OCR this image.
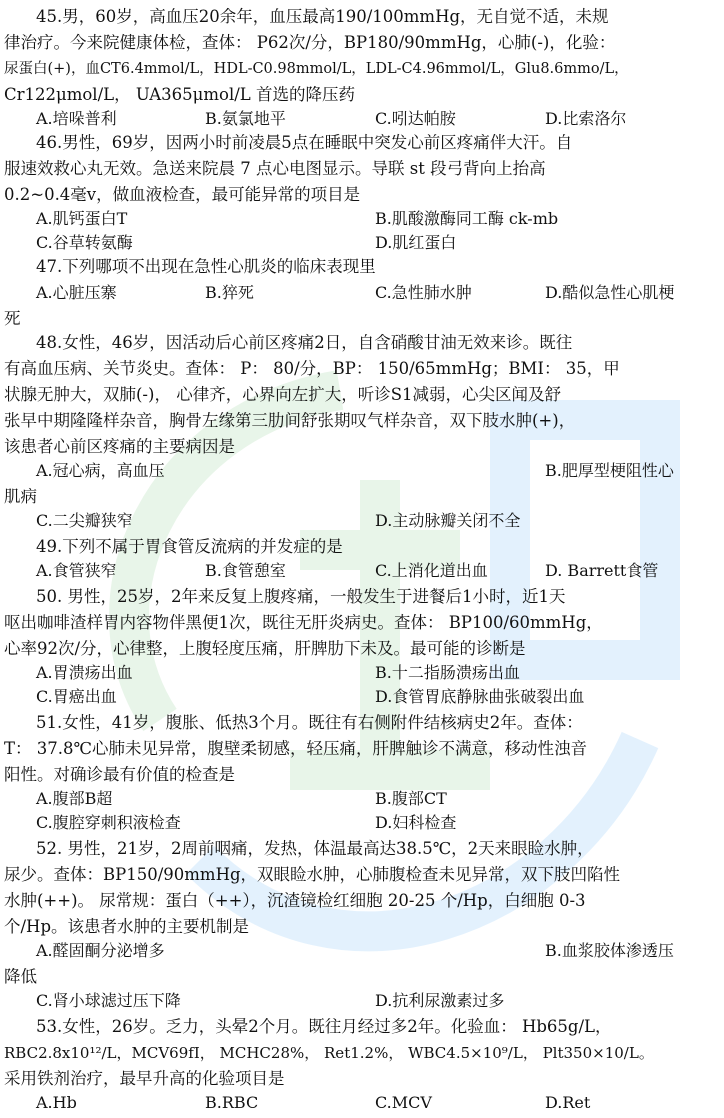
45.男，60岁，高血压20余年，血压最高190/100mmHg，无自觉不适，未规
律治疗。今来院健康体检，查体： P62次/分，BP180/90mmHg，心肺(-)，化验：
尿蛋白(+)，血CT6.4mmol/L，HDL-C0.98mmol/L，LDL-C4.96mmol/L，Glu8.6mmo/L，
Cr122μmol/L， UA365μmol/L 首选的降压药
A.培哚普利	B.氨氯地平	C.吲达帕胺	D.比索洛尔
46.男性，69岁，因两小时前凌晨5点在睡眠中突发心前区疼痛伴大汗。自
服速效救心丸无效。急送来院晨 7 点心电图显示。导联 st 段弓背向上抬高
0.2~0.4毫v，做血液检查，最可能异常的项目是
A.肌钙蛋白T	B.肌酸激酶同工酶 ck-mb
C.谷草转氨酶	D.肌红蛋白
47.下列哪项不出现在急性心肌炎的临床表现里
A.心脏压寨	B.猝死	C.急性肺水肿	D.酷似急性心肌梗
死
48.女性，46岁，因活动后心前区疼痛2日，自含硝酸甘油无效来诊。既往
有高血压病、关节炎史。查体： P： 80/分，BP： 150/65mmHg；BMI： 35，甲
状腺无肿大，双肺(-)， 心律齐，心界向左扩大，听诊S1减弱，心尖区闻及舒
张早中期隆隆样杂音，胸骨左缘第三肋间舒张期叹气样杂音，双下肢水肿(+)，
该患者心前区疼痛的主要病因是
A.冠心病，高血压	B.肥厚型梗阻性心
肌病
C.二尖瓣狭窄	D.主动脉瓣关闭不全
49.下列不属于胃食管反流病的并发症的是
A.食管狭窄	B.食管憩室	C.上消化道出血	D. Barrett食管
50. 男性，25岁，2年来反复上腹疼痛，一般发生于进餐后1小时，近1天
呕出咖啡渣样胃内容物伴黑便1次，既往无肝炎病史。查体： BP100/60mmHg，
心率92次/分，心律整，上腹轻度压痛，肝脾肋下未及。最可能的诊断是
A.胃溃疡出血	B.十二指肠溃疡出血
C.胃癌出血	D.食管胃底静脉曲张破裂出血
51.女性，41岁，腹胀、低热3个月。既往有右侧附件结核病史2年。查体：
T： 37.8℃心肺未见异常，腹壁柔韧感，轻压痛，肝脾触诊不满意，移动性浊音
阳性。对确诊最有价值的检查是
A.腹部B超	B.腹部CT
C.腹腔穿刺积液检查	D.妇科检查
52. 男性，21岁，2周前咽痛，发热，体温最高达38.5℃，2天来眼睑水肿，
尿少。查体：BP150/90mmHg，双眼睑水肿，心肺腹检查未见异常，双下肢凹陷性
水肿(++)。 尿常规：蛋白（++），沉渣镜检红细胞 20-25 个/Hp，白细胞 0-3
个/Hp。该患者水肿的主要机制是
A.醛固酮分泌增多	B.血浆胶体渗透压
降低
C.肾小球滤过压下降	D.抗利尿激素过多
53.女性，26岁。乏力，头晕2个月。既往月经过多2年。化验血： Hb65g/L，
RBC2.8x10¹²/L，MCV69fI， MCHC28%， Ret1.2%， WBC4.5×10⁹/L， Plt350×10/L。
采用铁剂治疗，最早升高的化验项目是
A.Hb	B.RBC	C.MCV	D.Ret
